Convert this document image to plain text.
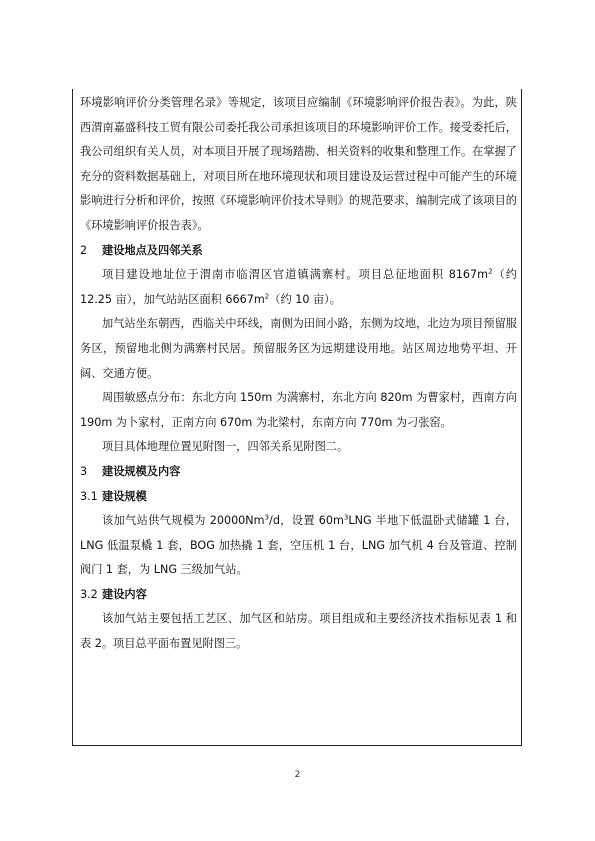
环境影响评价分类管理名录》等规定，该项目应编制《环境影响评价报告表》。为此，陕西渭南嘉盛科技工贸有限公司委托我公司承担该项目的环境影响评价工作。接受委托后，我公司组织有关人员，对本项目开展了现场踏勘、相关资料的收集和整理工作。在掌握了充分的资料数据基础上，对项目所在地环境现状和项目建设及运营过程中可能产生的环境影响进行分析和评价，按照《环境影响评价技术导则》的规范要求，编制完成了该项目的《环境影响评价报告表》。

2 建设地点及四邻关系

项目建设地址位于渭南市临渭区官道镇满寨村。项目总征地面积 $8167m^2$（约 12.25 亩），加气站站区面积 $6667m^2$（约 10 亩）。

加气站坐东朝西，西临关中环线，南侧为田间小路，东侧为坟地，北边为项目预留服务区，预留地北侧为满寨村民居。预留服务区为远期建设用地。站区周边地势平坦、开阔、交通方便。

周围敏感点分布：东北方向 150m 为满寨村，东北方向 820m 为曹家村，西南方向 190m 为卜家村，正南方向 670m 为北梁村，东南方向 770m 为刁张窑。

项目具体地理位置见附图一，四邻关系见附图二。

3 建设规模及内容

3.1 建设规模

该加气站供气规模为 20000Nm$^3$/d，设置 $60m^3LNG$ 半地下低温卧式储罐 1 台，LNG 低温泵橇 1 套，BOG 加热撬 1 套，空压机 1 台，LNG 加气机 4 台及管道、控制阀门 1 套，为 LNG 三级加气站。

3.2 建设内容

该加气站主要包括工艺区、加气区和站房。项目组成和主要经济技术指标见表 1 和表 2。项目总平面布置见附图三。

2
